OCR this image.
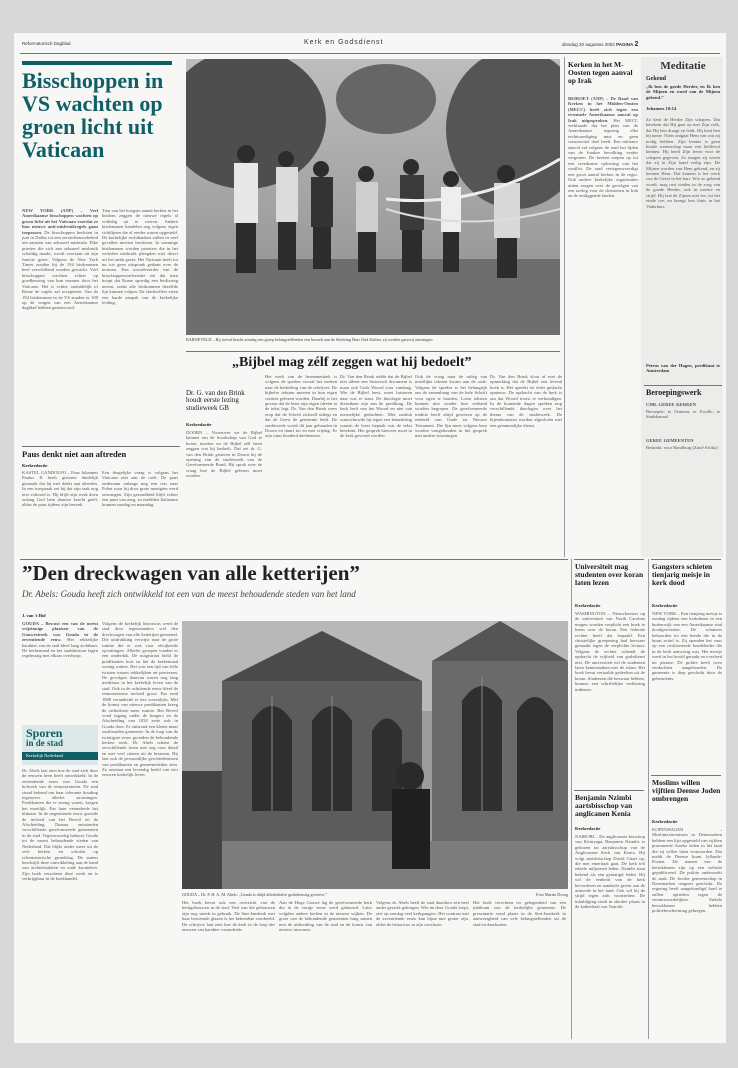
Reformatorisch Dagblad	Kerk en Godsdienst	dinsdag 20 augustus 2002 PAGINA 2
Bisschoppen in VS wachten op groen licht uit Vaticaan
NEW YORK (ANP) – Veel Amerikaanse bisschoppen wachten op groen licht uit het Vaticaan voordat ze hun nieuwe anti-misbruikregels gaan toepassen. De bisschoppen besloten in juni in Dallas tot een zerotolerancebeleid ten aanzien van seksueel misbruik. Elke priester die zich aan seksueel misbruik schuldig maakt, wordt voortaan uit zijn functie gezet. Volgens de New York Times zouden bij de 194 bisdommen heel verschillend worden gewacht. Veel bisschoppen wachten echter op goedkeuring van hun normen door het Vaticaan. Het is echter onduidelijk of Rome de regels zal accepteren. Van de 194 bisdommen in de VS zouden er 109 op de vragen van een Amerikaanse dagblad hebben geantwoord.
Tien van het hoogste aantal kerken in het bisdom zeggen de nieuwe regels al volledig uit te voeren. Andere bisdommen handelen nog volgens eigen richtlijnen die al eerder waren opgesteld. De kerkelijke rechtbanken zullen in veel gevallen moeten beslissen. In sommige bisdommen worden priesters die in het verleden misbruik pleegden niet direct uit het ambt gezet. Het Vaticaan heeft tot nu toe geen uitspraak gedaan over de normen. Een woordvoerder van de bisschoppenconferentie zei dat men hoopt dat Rome spoedig een beslissing neemt, zodat alle bisdommen dezelfde lijn kunnen volgen. De slachtoffers eisen een harde aanpak van de kerkelijke leiding.
Paus denkt niet aan aftreden
Kerkredactie
KASTEL GANDOLFO – Paus Johannes Paulus II heeft gisteren duidelijk gemaakt dat hij niet denkt aan aftreden. In een toespraak zei hij dat zijn taak nog niet voltooid is. Hij blijft zijn werk doen zolang God hem daartoe kracht geeft, aldus de paus tijdens zijn bezoek.
Een dergelijke vraag is volgens het Vaticaan niet aan de orde. De paus ondernam onlangs nog een reis naar Polen waar hij door grote menigten werd ontvangen. Zijn gezondheid blijft echter een punt van zorg, zo meldden Italiaanse kranten zondag en maandag.
BARNEVELD – Bij toeval bracht zondag een groep belangstellenden een bezoek aan de Stichting Huis Oud-Zuilen; zij werden gastvrij ontvangen.
„Bijbel mag zélf zeggen wat hij bedoelt”
Dr. G. van den Brink houdt eerste lezing studieweek GB
Kerkredactie
DOORN – Voorzover we de Bijbel kennen om de boodschap van God te horen, moeten we de Bijbel zélf laten zeggen wat hij bedoelt. Dat zei dr. G. van den Brink gisteren in Doorn bij de opening van de studieweek van de Gereformeerde Bond. Hij sprak over de vraag hoe de Bijbel gelezen moet worden.
Het werk van de hermeneutiek is volgens de spreker vooral het zoeken naar de bedoeling van de schrijver. De bijbelse teksten moeten in hun eigen context gelezen worden. Daarbij is het gevaar dat de lezer zijn eigen ideeën in de tekst legt. Dr. Van den Brink wees erop dat de Schrift zichzelf uitlegt en dat de Geest de gemeente leidt. De studieweek wordt dit jaar gehouden in Doorn en duurt tot en met vrijdag. Er zijn ruim honderd deelnemers.
Dr. Van den Brink stelde dat de Bijbel niet alleen een historisch document is maar ook Gods Woord voor vandaag. Wie de Bijbel leest, moet luisteren naar wat er staat. De theologie moet dienstbaar zijn aan de prediking. De kerk leeft van het Woord en niet van menselijke gedachten. Met nadruk waarschuwde hij tegen een benadering waarin de lezer bepaalt wat de tekst betekent. Het gesprek hierover moet in de kerk gevoerd worden.
Ook de vraag naar de uitleg van moeilijke teksten kwam aan de orde. Volgens de spreker is het belangrijk om de samenhang van de hele Schrift voor ogen te houden. Losse teksten kunnen niet zonder hun verband worden begrepen. De gereformeerde traditie heeft altijd gewezen op de eenheid van Oude en Nieuwe Testament. Die lijn moet volgens hem worden vastgehouden in het gesprek met andere stromingen.
Dr. Van den Brink sloot af met de opmerking dat de Bijbel een levend boek is. Het spreekt tot ieder geslacht opnieuw. De opdracht van de kerk is om dat Woord trouw te verkondigen. In de komende dagen spreken nog verschillende theologen over het thema van de studieweek. De bijeenkomsten worden afgesloten met een gezamenlijke dienst.
Kerken in het M-Oosten tegen aanval op Irak
BEIROET (ANP) – De Raad van Kerken in het Midden-Oosten (MECC) heeft zich tegen een eventuele Amerikaanse aanval op Irak uitgesproken. Het MECC verklaarde dat het plan van de Amerikaanse regering elke rechtvaardiging mist en geen constructief doel heeft. Een militaire aanval zal volgens de raad het lijden van de Iraakse bevolking verder vergroten. De kerken roepen op tot een vreedzame oplossing van het conflict. De raad vertegenwoordigt een groot aantal kerken in de regio. Ook andere kerkelijke organisaties uitten zorgen over de gevolgen van een oorlog voor de christenen in Irak en de omliggende landen.
Meditatie
Gekend
„Ik ben de goede Herder, en Ik ken de Mijnen en word van de Mijnen gekend.”
Johannes 10:14
Zo kent de Herder Zijn schapen. Dat betekent dat Hij gaat op met Zijn volk, dat Hij hen draagt en leidt. Hij kent hen bij name. Niets ontgaat Hem van wat zij nodig hebben. Zijn kennis is geen koude wetenschap maar een liefdevol kennen. Hij heeft Zijn leven voor de schapen gegeven. Zo mogen zij weten dat zij in Zijn hand veilig zijn. De Mijnen worden van Hem gekend, en zij kennen Hem. Dat kennen is het werk van de Geest in het hart. Wie zo gekend wordt, mag rust vinden in de zorg van de goede Herder, ook in moeite en strijd. Hij laat de Zijnen niet los, tot het einde toe, en brengt hen thuis in het Vaderhuis.
Petrus van der Hagen, predikant te Amsterdam
Beroepingswerk
CHR. GEREF. KERKEN
Beroepen: te Ommen; te Zwolle; te Stadskanaal
GEREF. GEMEENTEN
Bedankt: voor Randburg (Zuid-Afrika)
”Den dreckwagen van alle ketterijen”
Dr. Abels: Gouda heeft zich ontwikkeld tot een van de meest behoudende steden van het land
J. van 't Hof
GOUDA – Bewust een van de meest vrijzinnige plaatsen van de Gouwestreek was Gouda in de zeventiende eeuw. Het rekkelijke karakter van de stad bleef lang zichtbaar. De kerkenraad en het stadsbestuur lagen regelmatig met elkaar overhoop.
Sporen
in de stad
Kerkelijk Nederland
Dr. Abels laat zien hoe de stad zich door de eeuwen heen heeft ontwikkeld. In de zeventiende eeuw was Gouda een bolwerk van de remonstranten. De stad stond bekend om haar tolerante houding tegenover allerlei stromingen. Predikanten die te streng waren, kregen het moeilijk. Pas later veranderde het klimaat. In de negentiende eeuw groeide de invloed van het Reveil en de Afscheiding. Daarna ontstonden verschillende gereformeerde gemeenten in de stad. Tegenwoordig behoort Gouda tot de meest behoudende steden van Nederland. Dat blijkt onder meer uit de vele kerken en scholen op reformatorische grondslag. De auteur beschrijft deze ontwikkeling aan de hand van archiefstukken en oude kronieken. Zijn boek verscheen deze week en is verkrijgbaar in de boekhandel.
Volgens de kerkelijk historicus werd de stad door tegenstanders wel den dreckwagen van alle ketterijen genoemd. Die uitdrukking verwijst naar de grote ruimte die er was voor afwijkende opvattingen. Allerlei groepen vonden er een onderdak. De magistraat hield de predikanten kort en liet de kerkenraad weinig ruimte. Het was een tijd van felle twisten tussen rekkelijken en preciezen. De gevolgen daarvan waren nog lang merkbaar in het kerkelijk leven van de stad. Ook in de achttiende eeuw bleef de remonstrantse invloed groot. Pas rond 1800 veranderde er iets wezenlijks. Met de komst van nieuwe predikanten kreeg de orthodoxie meer ruimte. Het Reveil vond ingang onder de burgers en de Afscheiding van 1834 zette ook in Gouda door. Er ontstond een kleine maar vastberaden gemeente. In de loop van de twintigste eeuw groeiden de behoudende kerken sterk. Dr. Abels schetst de verschillende fasen met oog voor detail en met veel citaten uit de bronnen. Hij laat ook de persoonlijke geschiedenissen van predikanten en gemeenteleden zien. Zo ontstaat een levendig beeld van vier eeuwen kerkelijk leven.
GOUDA – Dr. P. H. A. M. Abels: „Gouda is altijd allesbehalve godsdienstig geweest.”	Foto Martin Droog
Het boek bevat ook een overzicht van de kerkgebouwen in de stad. Veel van die gebouwen zijn nog steeds in gebruik. De Sint-Janskerk met haar beroemde glazen is het bekendste voorbeeld. De schrijver laat zien hoe de kerk in de loop der eeuwen van karakter veranderde.
Aan de Hoge Gouwe lag de gereformeerde kerk die in de vorige eeuw werd gebouwd. Later volgden andere kerken in de nieuwe wijken. De groei van de behoudende gemeenten hing samen met de uitbreiding van de stad en de komst van nieuwe inwoners.
Volgens dr. Abels heeft de stad daardoor een heel ander gezicht gekregen. Wie nu door Gouda loopt, ziet op zondag veel kerkgangers. Het contrast met de zeventiende eeuw kan bijna niet groter zijn, aldus de historicus in zijn conclusie.
Het boek verscheen ter gelegenheid van een jubileum van de kerkelijke gemeente. De presentatie vond plaats in de Sint-Janskerk in aanwezigheid van vele belangstellenden uit de stad en daarbuiten.
Universiteit mag studenten over koran laten lezen
Kerkredactie
WASHINGTON – Nieuwkomers op de universiteit van North Carolina mogen worden verplicht een boek te lezen over de koran. Een federale rechter heeft dat bepaald. Een christelijke groepering had bezwaar gemaakt tegen de verplichte lectuur. Volgens de rechter schendt de opdracht de vrijheid van godsdienst niet. De universiteit wil de studenten laten kennismaken met de islam. Het boek bevat vertaalde gedeelten uit de koran. Studenten die bezwaar hebben, kunnen een schriftelijke verklaring indienen.
Benjamin Nzimbi aartsbisschop van anglicanen Kenia
Kerkredactie
NAIROBI – De anglicaanse bisschop van Kirinyaga, Benjamin Nzimbi, is gekozen tot aartsbisschop van de Anglicaanse Kerk van Kenia. Hij volgt aartsbisschop David Gitari op, die met emeritaat gaat. De kerk telt enkele miljoenen leden. Nzimbi staat bekend als een gematigd leider. Hij wil de eenheid van de kerk bevorderen en aandacht geven aan de armoede in het land. Ook wil hij de strijd tegen aids voortzetten. De inhuldiging vindt in oktober plaats in de kathedraal van Nairobi.
Gangsters schieten tienjarig meisje in kerk dood
Kerkredactie
NEW YORK – Een tienjarig meisje is zondag tijdens een kerkdienst in een buitenwijk van een Amerikaanse stad doodgeschoten. De schutters behoorden tot een bende die in de buurt actief is. Zij openden het vuur op een rivaliserende bendeleider die in de kerk aanwezig was. Het meisje werd in het hoofd geraakt en overleed ter plaatse. De politie heeft twee verdachten aangehouden. De gemeente is diep geschokt door de gebeurtenis.
Moslims willen vijftien Deense Joden ombrengen
Kerkredactie
KOPENHAGEN – Moslimextremisten in Denemarken hebben een lijst opgesteld van vijftien prominente Joodse leden in het land die zij willen laten vermoorden. Dat meldt de Deense krant Jyllands-Posten. De namen van de betrokkenen zijn op een website gepubliceerd. De politie onderzoekt de zaak. De Joodse gemeenschap in Denemarken reageert geschokt. De regering heeft aangekondigd hard te zullen optreden tegen de verantwoordelijken. Enkele betrokkenen hebben politiebescherming gekregen.
